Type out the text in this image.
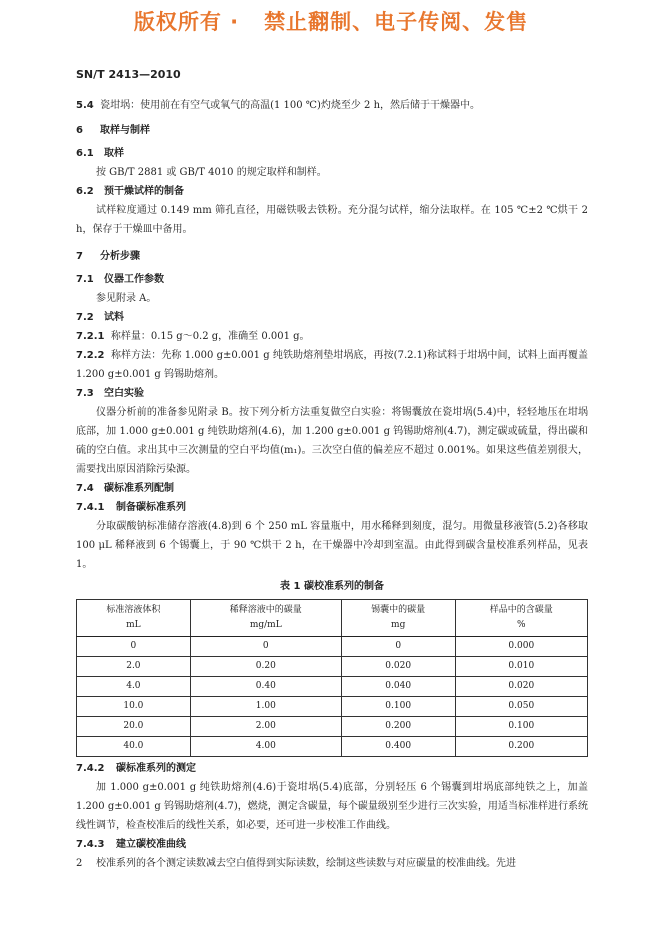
版权所有 ·   禁止翻制、电子传阅、发售
SN/T 2413—2010

5.4 瓷坩埚：使用前在有空气或氧气的高温(1 100 ℃)灼烧至少 2 h，然后储于干燥器中。

6 取样与制样

6.1 取样

按 GB/T 2881 或 GB/T 4010 的规定取样和制样。

6.2 预干燥试样的制备

试样粒度通过 0.149 mm 筛孔直径，用磁铁吸去铁粉。充分混匀试样，缩分法取样。在 105 ℃±2 ℃烘干 2 h，保存于干燥皿中备用。

7 分析步骤

7.1 仪器工作参数

参见附录 A。

7.2 试料

7.2.1 称样量：0.15 g～0.2 g，准确至 0.001 g。

7.2.2 称样方法：先称 1.000 g±0.001 g 纯铁助熔剂垫坩埚底，再按(7.2.1)称试料于坩埚中间，试料上面再覆盖 1.200 g±0.001 g 钨锡助熔剂。

7.3 空白实验

仪器分析前的准备参见附录 B。按下列分析方法重复做空白实验：将锡囊放在瓷坩埚(5.4)中，轻轻地压在坩埚底部，加 1.000 g±0.001 g 纯铁助熔剂(4.6)，加 1.200 g±0.001 g 钨锡助熔剂(4.7)，测定碳或硫量，得出碳和硫的空白值。求出其中三次测量的空白平均值(m₁)。三次空白值的偏差应不超过 0.001%。如果这些值差别很大，需要找出原因消除污染源。

7.4 碳标准系列配制

7.4.1 制备碳标准系列

分取碳酸钠标准储存溶液(4.8)到 6 个 250 mL 容量瓶中，用水稀释到刻度，混匀。用微量移液管(5.2)各移取 100 μL 稀释液到 6 个锡囊上，于 90 ℃烘干 2 h，在干燥器中冷却到室温。由此得到碳含量校准系列样品，见表 1。

表 1 碳校准系列的制备

标准溶液体积
mL	稀释溶液中的碳量
mg/mL	锡囊中的碳量
mg	样品中的含碳量
%
0	0	0	0.000
2.0	0.20	0.020	0.010
4.0	0.40	0.040	0.020
10.0	1.00	0.100	0.050
20.0	2.00	0.200	0.100
40.0	4.00	0.400	0.200

7.4.2 碳标准系列的测定

加 1.000 g±0.001 g 纯铁助熔剂(4.6)于瓷坩埚(5.4)底部，分别轻压 6 个锡囊到坩埚底部纯铁之上，加盖 1.200 g±0.001 g 钨锡助熔剂(4.7)，燃烧，测定含碳量，每个碳量级别至少进行三次实验，用适当标准样进行系统线性调节，检查校准后的线性关系，如必要，还可进一步校准工作曲线。

7.4.3 建立碳校准曲线

校准系列的各个测定读数减去空白值得到实际读数，绘制这些读数与对应碳量的校准曲线。先进

2
